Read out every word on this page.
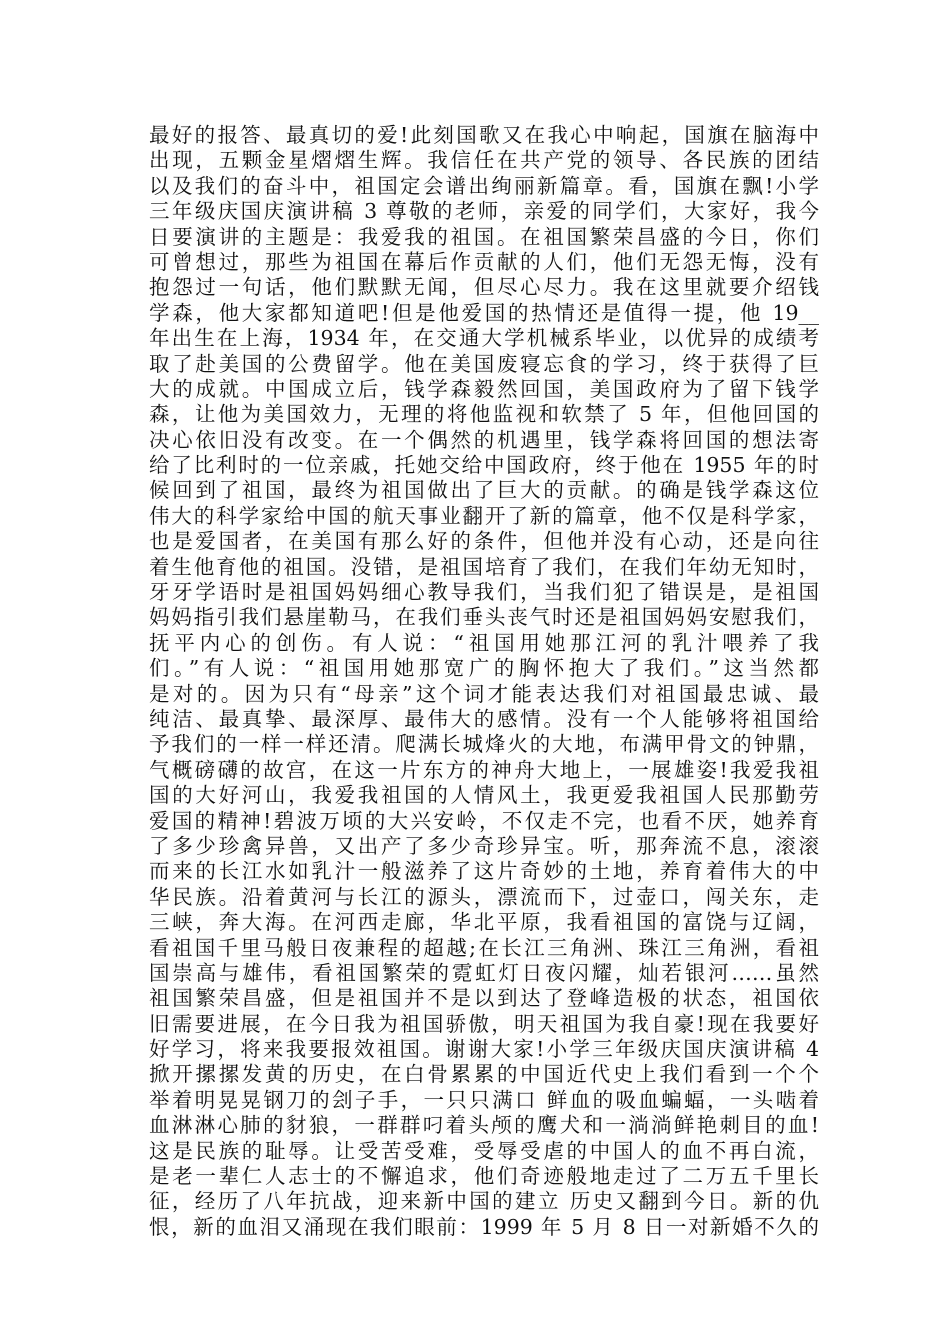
最好的报答、最真切的爱!此刻国歌又在我心中响起，国旗在脑海中
出现，五颗金星熠熠生辉。我信任在共产党的领导、各民族的团结
以及我们的奋斗中，祖国定会谱出绚丽新篇章。看，国旗在飘!小学
三年级庆国庆演讲稿 3 尊敬的老师，亲爱的同学们，大家好，我今
日要演讲的主题是：我爱我的祖国。在祖国繁荣昌盛的今日，你们
可曾想过，那些为祖国在幕后作贡献的人们，他们无怨无悔，没有
抱怨过一句话，他们默默无闻，但尽心尽力。我在这里就要介绍钱
学森，他大家都知道吧!但是他爱国的热情还是值得一提，他 19__
年出生在上海，1934 年，在交通大学机械系毕业，以优异的成绩考
取了赴美国的公费留学。他在美国废寝忘食的学习，终于获得了巨
大的成就。中国成立后，钱学森毅然回国，美国政府为了留下钱学
森，让他为美国效力，无理的将他监视和软禁了 5 年，但他回国的
决心依旧没有改变。在一个偶然的机遇里，钱学森将回国的想法寄
给了比利时的一位亲戚，托她交给中国政府，终于他在 1955 年的时
候回到了祖国，最终为祖国做出了巨大的贡献。的确是钱学森这位
伟大的科学家给中国的航天事业翻开了新的篇章，他不仅是科学家，
也是爱国者，在美国有那么好的条件，但他并没有心动，还是向往
着生他育他的祖国。没错，是祖国培育了我们，在我们年幼无知时，
牙牙学语时是祖国妈妈细心教导我们，当我们犯了错误是，是祖国
妈妈指引我们悬崖勒马，在我们垂头丧气时还是祖国妈妈安慰我们，
抚平内心的创伤。有人说：“祖国用她那江河的乳汁喂养了我
们。”有人说：“祖国用她那宽广的胸怀抱大了我们。”这当然都
是对的。因为只有“母亲”这个词才能表达我们对祖国最忠诚、最
纯洁、最真挚、最深厚、最伟大的感情。没有一个人能够将祖国给
予我们的一样一样还清。爬满长城烽火的大地，布满甲骨文的钟鼎，
气概磅礴的故宫，在这一片东方的神舟大地上，一展雄姿!我爱我祖
国的大好河山，我爱我祖国的人情风土，我更爱我祖国人民那勤劳
爱国的精神!碧波万顷的大兴安岭，不仅走不完，也看不厌，她养育
了多少珍禽异兽，又出产了多少奇珍异宝。听，那奔流不息，滚滚
而来的长江水如乳汁一般滋养了这片奇妙的土地，养育着伟大的中
华民族。沿着黄河与长江的源头，漂流而下，过壶口，闯关东，走
三峡，奔大海。在河西走廊，华北平原，我看祖国的富饶与辽阔，
看祖国千里马般日夜兼程的超越;在长江三角洲、珠江三角洲，看祖
国崇高与雄伟，看祖国繁荣的霓虹灯日夜闪耀，灿若银河……虽然
祖国繁荣昌盛，但是祖国并不是以到达了登峰造极的状态，祖国依
旧需要进展，在今日我为祖国骄傲，明天祖国为我自豪!现在我要好
好学习，将来我要报效祖国。谢谢大家!小学三年级庆国庆演讲稿 4
掀开摞摞发黄的历史，在白骨累累的中国近代史上我们看到一个个
举着明晃晃钢刀的刽子手，一只只满口 鲜血的吸血蝙蝠，一头啮着
血淋淋心肺的豺狼，一群群叼着头颅的鹰犬和一淌淌鲜艳刺目的血!
这是民族的耻辱。让受苦受难，受辱受虐的中国人的血不再白流，
是老一辈仁人志士的不懈追求，他们奇迹般地走过了二万五千里长
征，经历了八年抗战，迎来新中国的建立 历史又翻到今日。新的仇
恨，新的血泪又涌现在我们眼前：1999 年 5 月 8 日一对新婚不久的
